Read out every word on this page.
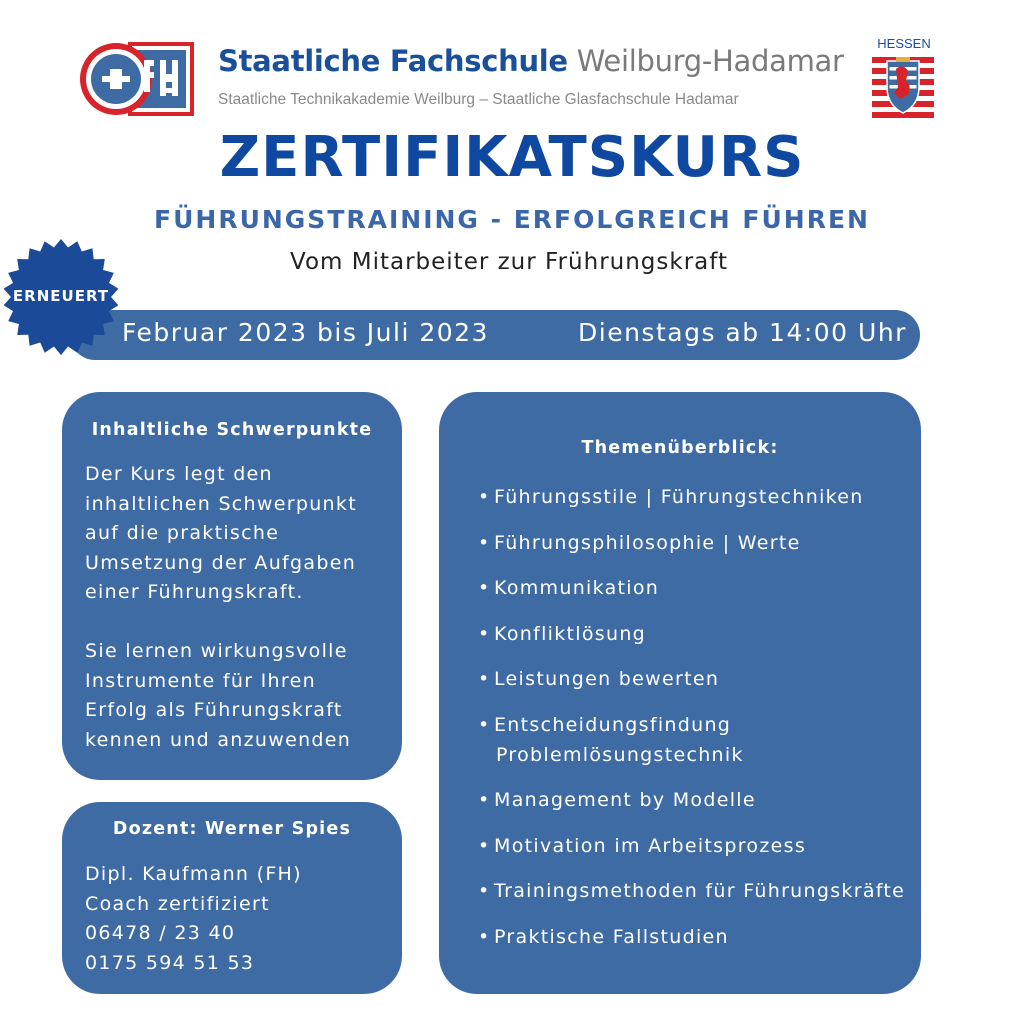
Staatliche Fachschule Weilburg-Hadamar
Staatliche Technikakademie Weilburg – Staatliche Glasfachschule Hadamar
HESSEN
ZERTIFIKATSKURS
FÜHRUNGSTRAINING - ERFOLGREICH FÜHREN
Vom Mitarbeiter zur Frührungskraft
Februar 2023 bis Juli 2023	Dienstags ab 14:00 Uhr
ERNEUERT
Inhaltliche Schwerpunkte
Der Kurs legt den
inhaltlichen Schwerpunkt
auf die praktische
Umsetzung der Aufgaben
einer Führungskraft.
Sie lernen wirkungsvolle
Instrumente für Ihren
Erfolg als Führungskraft
kennen und anzuwenden
Dozent: Werner Spies
Dipl. Kaufmann (FH)
Coach zertifiziert
06478 / 23 40
0175 594 51 53
Themenüberblick:
• Führungsstile | Führungstechniken
• Führungsphilosophie | Werte
• Kommunikation
• Konfliktlösung
• Leistungen bewerten
• Entscheidungsfindung
Problemlösungstechnik
• Management by Modelle
• Motivation im Arbeitsprozess
• Trainingsmethoden für Führungskräfte
• Praktische Fallstudien
